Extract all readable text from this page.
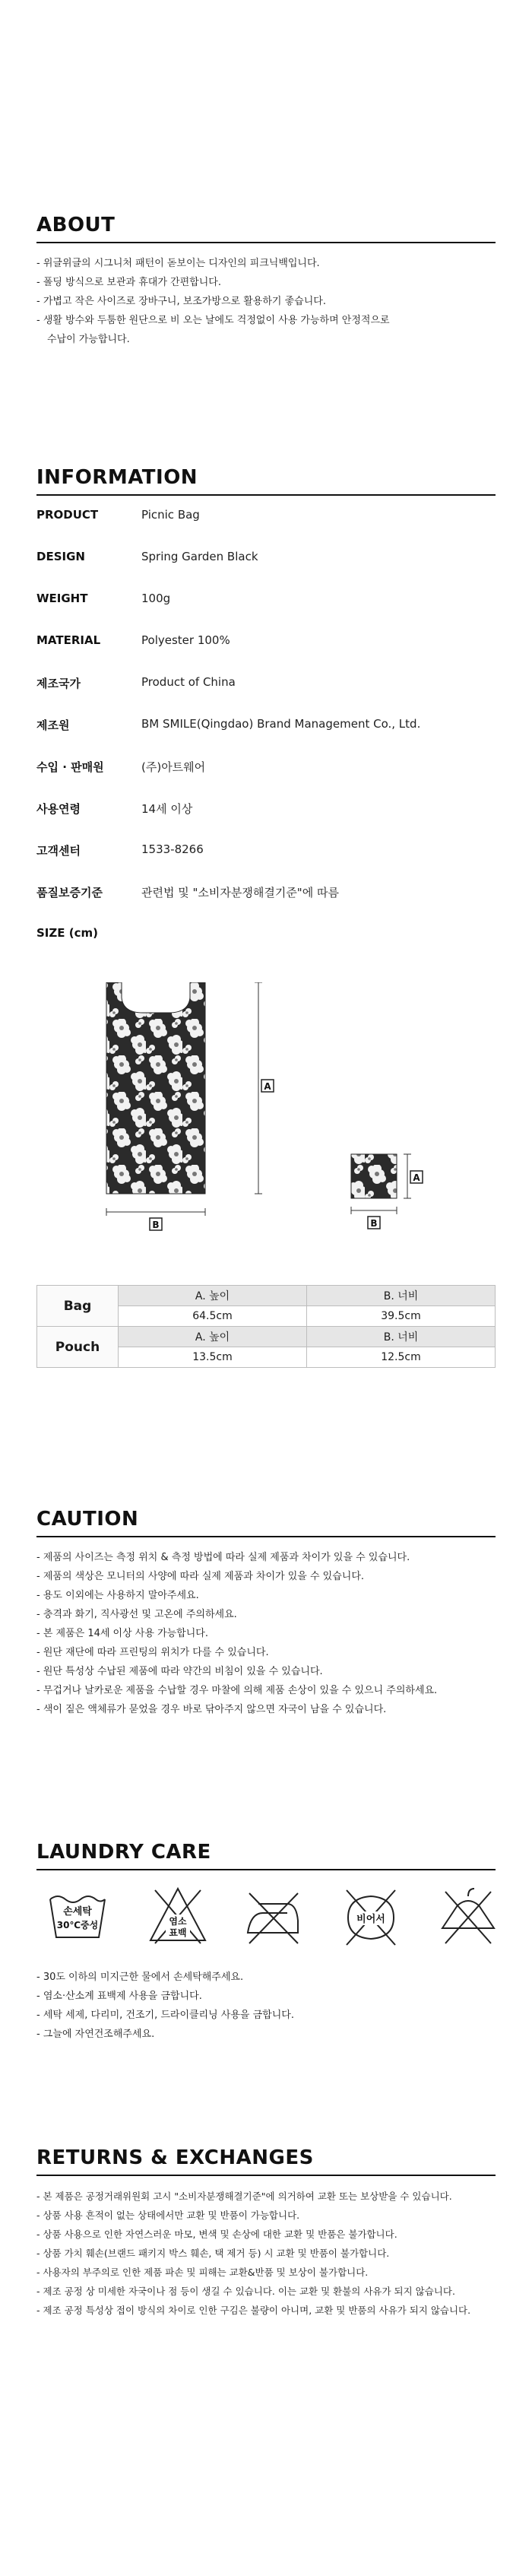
ABOUT
- 위글위글의 시그니처 패턴이 돋보이는 디자인의 피크닉백입니다.
- 폴딩 방식으로 보관과 휴대가 간편합니다.
- 가볍고 작은 사이즈로 장바구니, 보조가방으로 활용하기 좋습니다.
- 생활 방수와 두툼한 원단으로 비 오는 날에도 걱정없이 사용 가능하며 안정적으로
수납이 가능합니다.
INFORMATION
PRODUCT	Picnic Bag
DESIGN	Spring Garden Black
WEIGHT	100g
MATERIAL	Polyester 100%
제조국가	Product of China
제조원	BM SMILE(Qingdao) Brand Management Co., Ltd.
수입 · 판매원	(주)아트웨어
사용연령	14세 이상
고객센터	1533-8266
품질보증기준	관련법 및 "소비자분쟁해결기준"에 따름
SIZE (cm)
A
B
A
B
Bag	A. 높이	B. 너비
	64.5cm	39.5cm
Pouch	A. 높이	B. 너비
	13.5cm	12.5cm
CAUTION
- 제품의 사이즈는 측정 위치 & 측정 방법에 따라 실제 제품과 차이가 있을 수 있습니다.
- 제품의 색상은 모니터의 사양에 따라 실제 제품과 차이가 있을 수 있습니다.
- 용도 이외에는 사용하지 말아주세요.
- 충격과 화기, 직사광선 및 고온에 주의하세요.
- 본 제품은 14세 이상 사용 가능합니다.
- 원단 재단에 따라 프린팅의 위치가 다를 수 있습니다.
- 원단 특성상 수납된 제품에 따라 약간의 비침이 있을 수 있습니다.
- 무겁거나 날카로운 제품을 수납할 경우 마찰에 의해 제품 손상이 있을 수 있으니 주의하세요.
- 색이 짙은 액체류가 묻었을 경우 바로 닦아주지 않으면 자국이 남을 수 있습니다.
LAUNDRY CARE
손세탁
30℃중성	염소
표백
비어서
- 30도 이하의 미지근한 물에서 손세탁해주세요.
- 염소·산소계 표백제 사용을 금합니다.
- 세탁 세제, 다리미, 건조기, 드라이클리닝 사용을 금합니다.
- 그늘에 자연건조해주세요.
RETURNS & EXCHANGES
- 본 제품은 공정거래위원회 고시 "소비자분쟁해결기준"에 의거하여 교환 또는 보상받을 수 있습니다.
- 상품 사용 흔적이 없는 상태에서만 교환 및 반품이 가능합니다.
- 상품 사용으로 인한 자연스러운 마모, 변색 및 손상에 대한 교환 및 반품은 불가합니다.
- 상품 가치 훼손(브랜드 패키지 박스 훼손, 택 제거 등) 시 교환 및 반품이 불가합니다.
- 사용자의 부주의로 인한 제품 파손 및 피해는 교환&반품 및 보상이 불가합니다.
- 제조 공정 상 미세한 자국이나 점 등이 생길 수 있습니다. 이는 교환 및 환불의 사유가 되지 않습니다.
- 제조 공정 특성상 접이 방식의 차이로 인한 구김은 불량이 아니며, 교환 및 반품의 사유가 되지 않습니다.
